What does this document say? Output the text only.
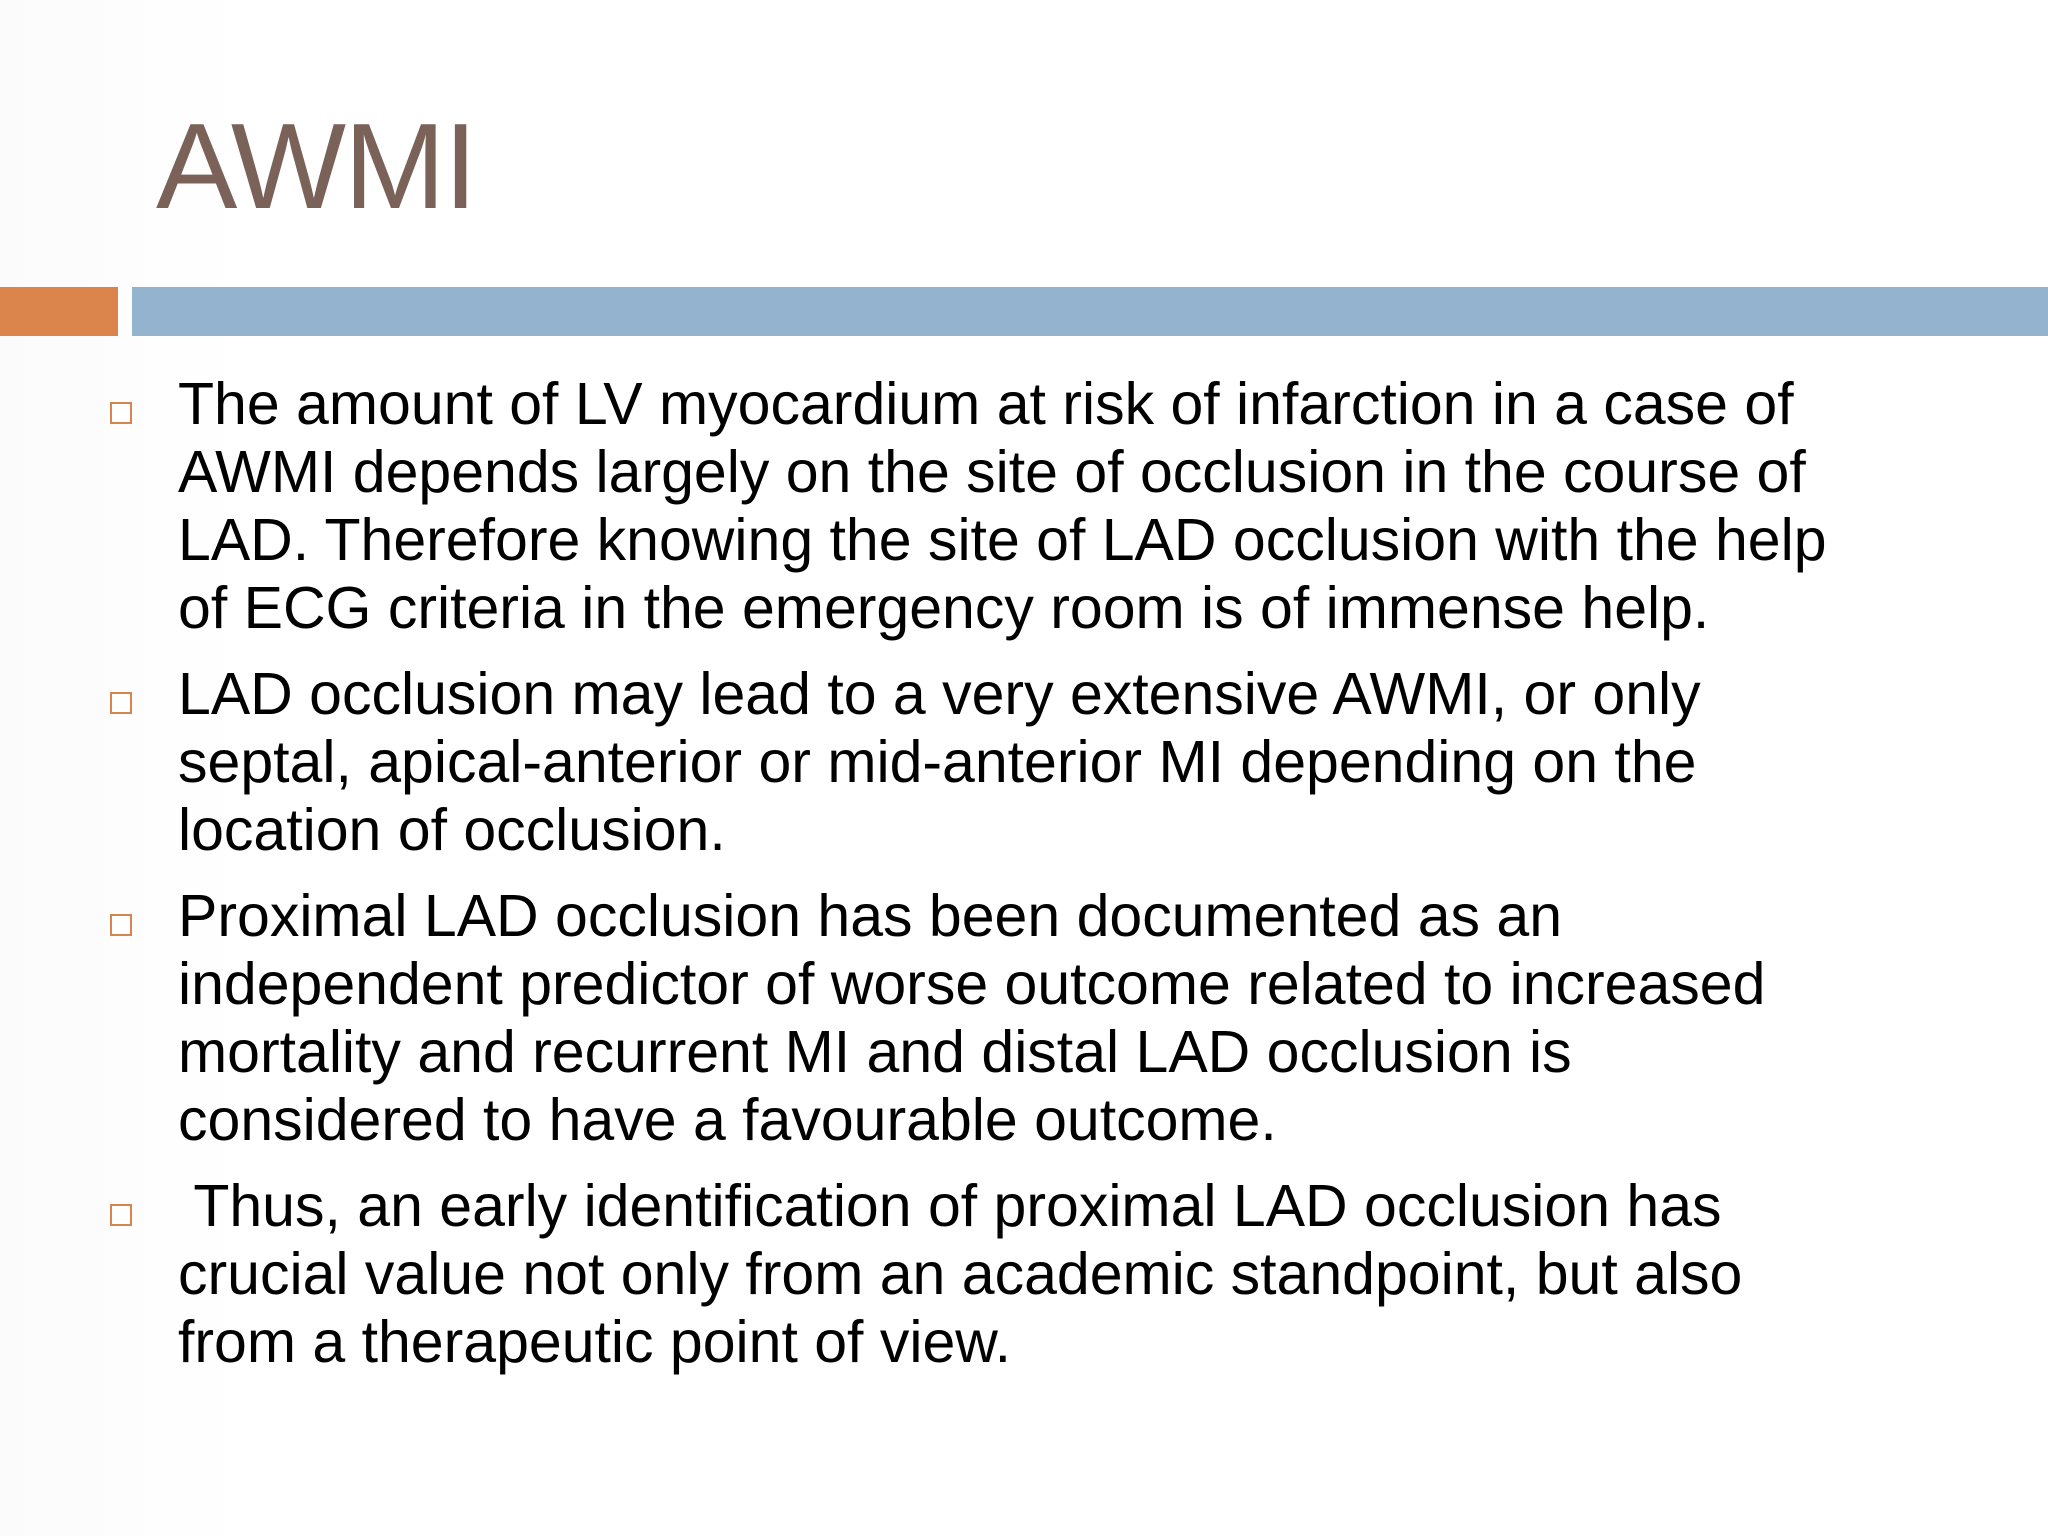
AWMI
The amount of LV myocardium at risk of infarction in a case of
AWMI depends largely on the site of occlusion in the course of
LAD. Therefore knowing the site of LAD occlusion with the help
of ECG criteria in the emergency room is of immense help.
LAD occlusion may lead to a very extensive AWMI, or only
septal, apical-anterior or mid-anterior MI depending on the
location of occlusion.
Proximal LAD occlusion has been documented as an
independent predictor of worse outcome related to increased
mortality and recurrent MI and distal LAD occlusion is
considered to have a favourable outcome.
Thus, an early identification of proximal LAD occlusion has
crucial value not only from an academic standpoint, but also
from a therapeutic point of view.
